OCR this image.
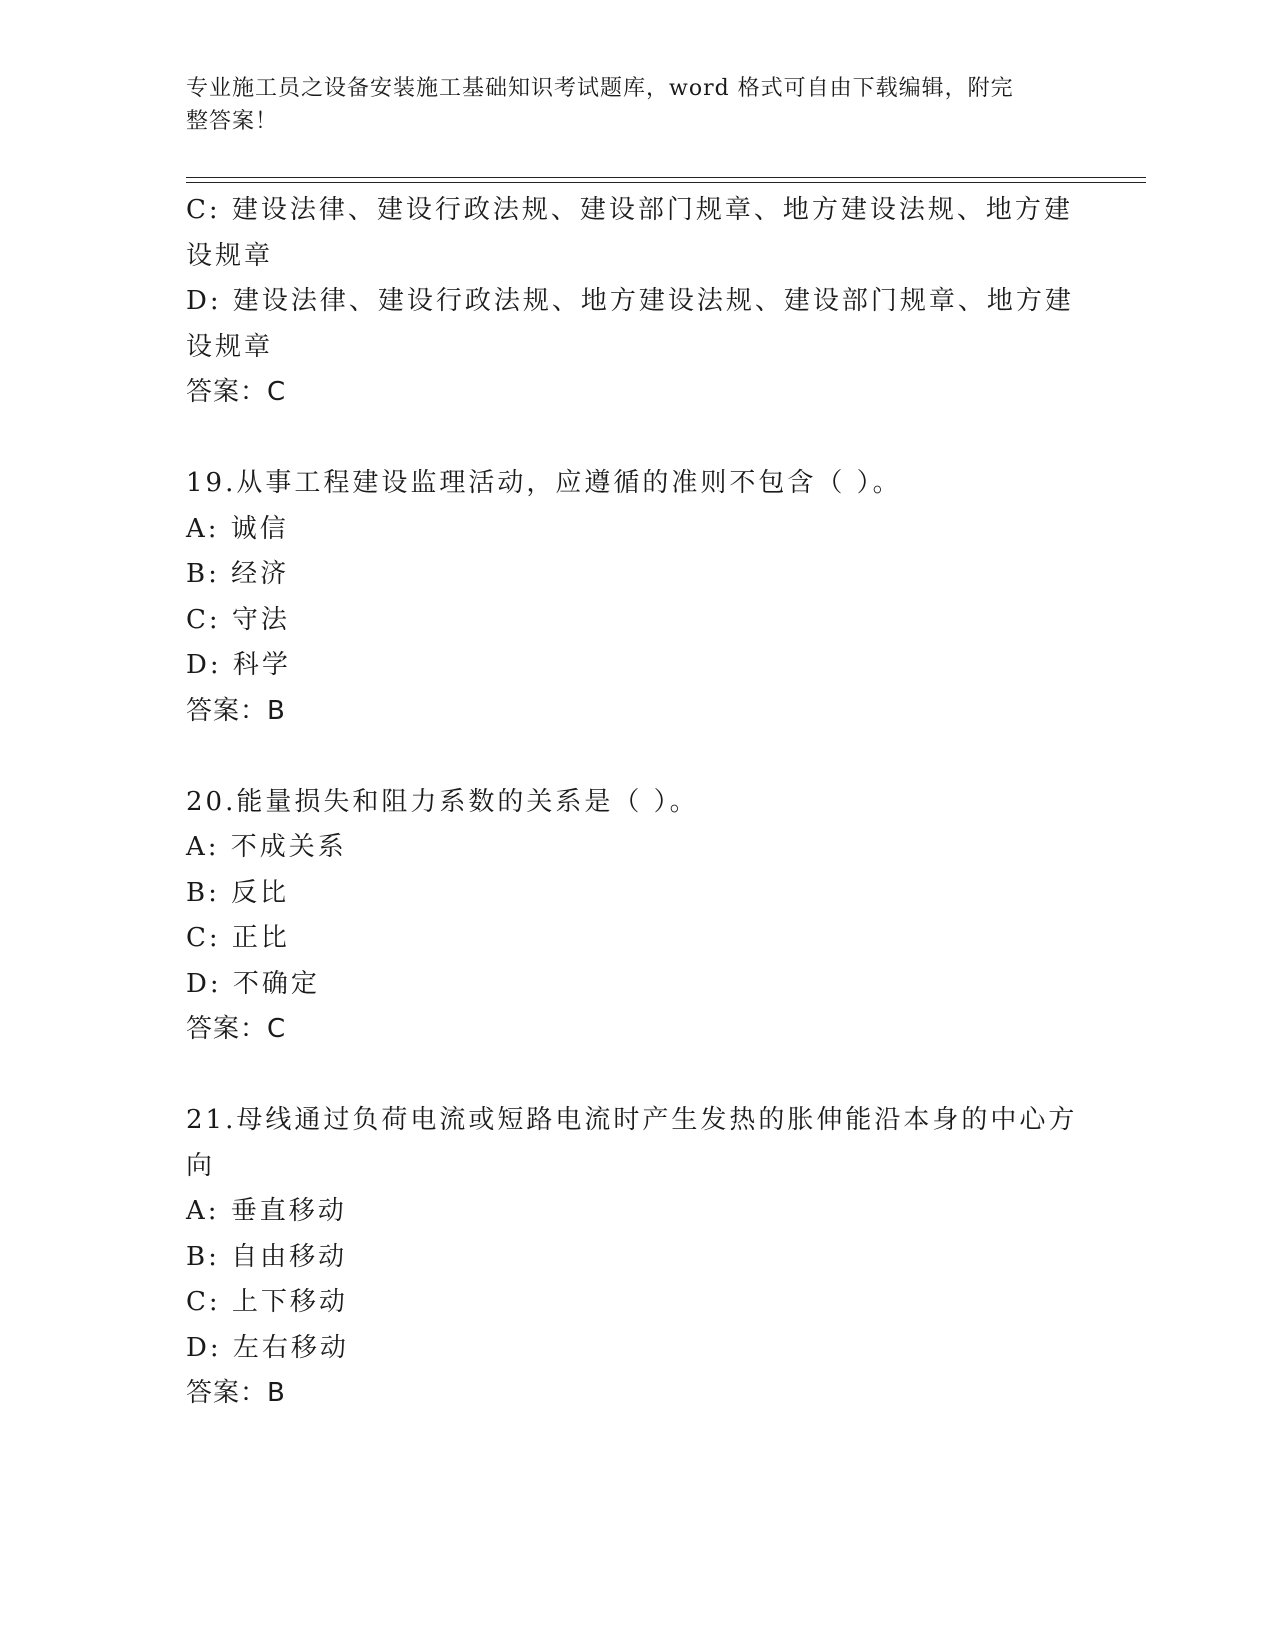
专业施工员之设备安装施工基础知识考试题库，word 格式可自由下载编辑，附完
整答案！
C: 建设法律、建设行政法规、建设部门规章、地方建设法规、地方建
设规章
D: 建设法律、建设行政法规、地方建设法规、建设部门规章、地方建
设规章
答案：C
19.从事工程建设监理活动，应遵循的准则不包含（ ）。
A: 诚信
B: 经济
C: 守法
D: 科学
答案：B
20.能量损失和阻力系数的关系是（ ）。
A: 不成关系
B: 反比
C: 正比
D: 不确定
答案：C
21.母线通过负荷电流或短路电流时产生发热的胀伸能沿本身的中心方
向
A: 垂直移动
B: 自由移动
C: 上下移动
D: 左右移动
答案：B
